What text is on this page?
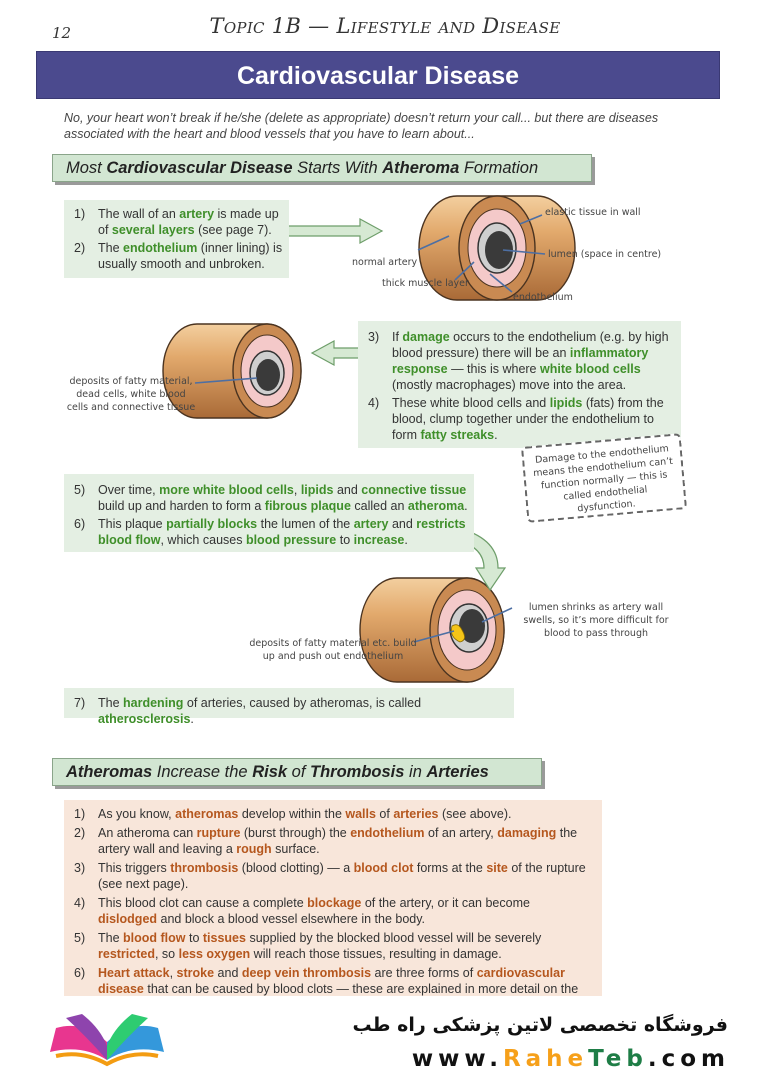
12	Topic 1B — Lifestyle and Disease
Cardiovascular Disease
No, your heart won’t break if he/she (delete as appropriate) doesn’t return your call... but there are diseases associated with the heart and blood vessels that you have to learn about...
Most Cardiovascular Disease Starts With Atheroma Formation
elastic tissue in wall
lumen (space in centre)
normal artery
thick muscle layer
endothelium
deposits of fatty material, dead cells, white blood cells and connective tissue
lumen shrinks as artery wall swells, so it’s more difficult for blood to pass through
deposits of fatty material etc. build up and push out endothelium
1) The wall of an artery is made up of several layers (see page 7).
2) The endothelium (inner lining) is usually smooth and unbroken.
3) If damage occurs to the endothelium (e.g. by high blood pressure) there will be an inflammatory response — this is where white blood cells (mostly macrophages) move into the area.
4) These white blood cells and lipids (fats) from the blood, clump together under the endothelium to form fatty streaks.
Damage to the endothelium means the endothelium can’t function normally — this is called endothelial dysfunction.
5) Over time, more white blood cells, lipids and connective tissue build up and harden to form a fibrous plaque called an atheroma.
6) This plaque partially blocks the lumen of the artery and restricts blood flow, which causes blood pressure to increase.
7) The hardening of arteries, caused by atheromas, is called atherosclerosis.
Atheromas Increase the Risk of Thrombosis in Arteries
1) As you know, atheromas develop within the walls of arteries (see above).
2) An atheroma can rupture (burst through) the endothelium of an artery, damaging the artery wall and leaving a rough surface.
3) This triggers thrombosis (blood clotting) — a blood clot forms at the site of the rupture (see next page).
4) This blood clot can cause a complete blockage of the artery, or it can become dislodged and block a blood vessel elsewhere in the body.
5) The blood flow to tissues supplied by the blocked blood vessel will be severely restricted, so less oxygen will reach those tissues, resulting in damage.
6) Heart attack, stroke and deep vein thrombosis are three forms of cardiovascular disease that can be caused by blood clots — these are explained in more detail on the
فروشگاه تخصصی لاتین پزشکی راه طب
www.RaheTeb.com
